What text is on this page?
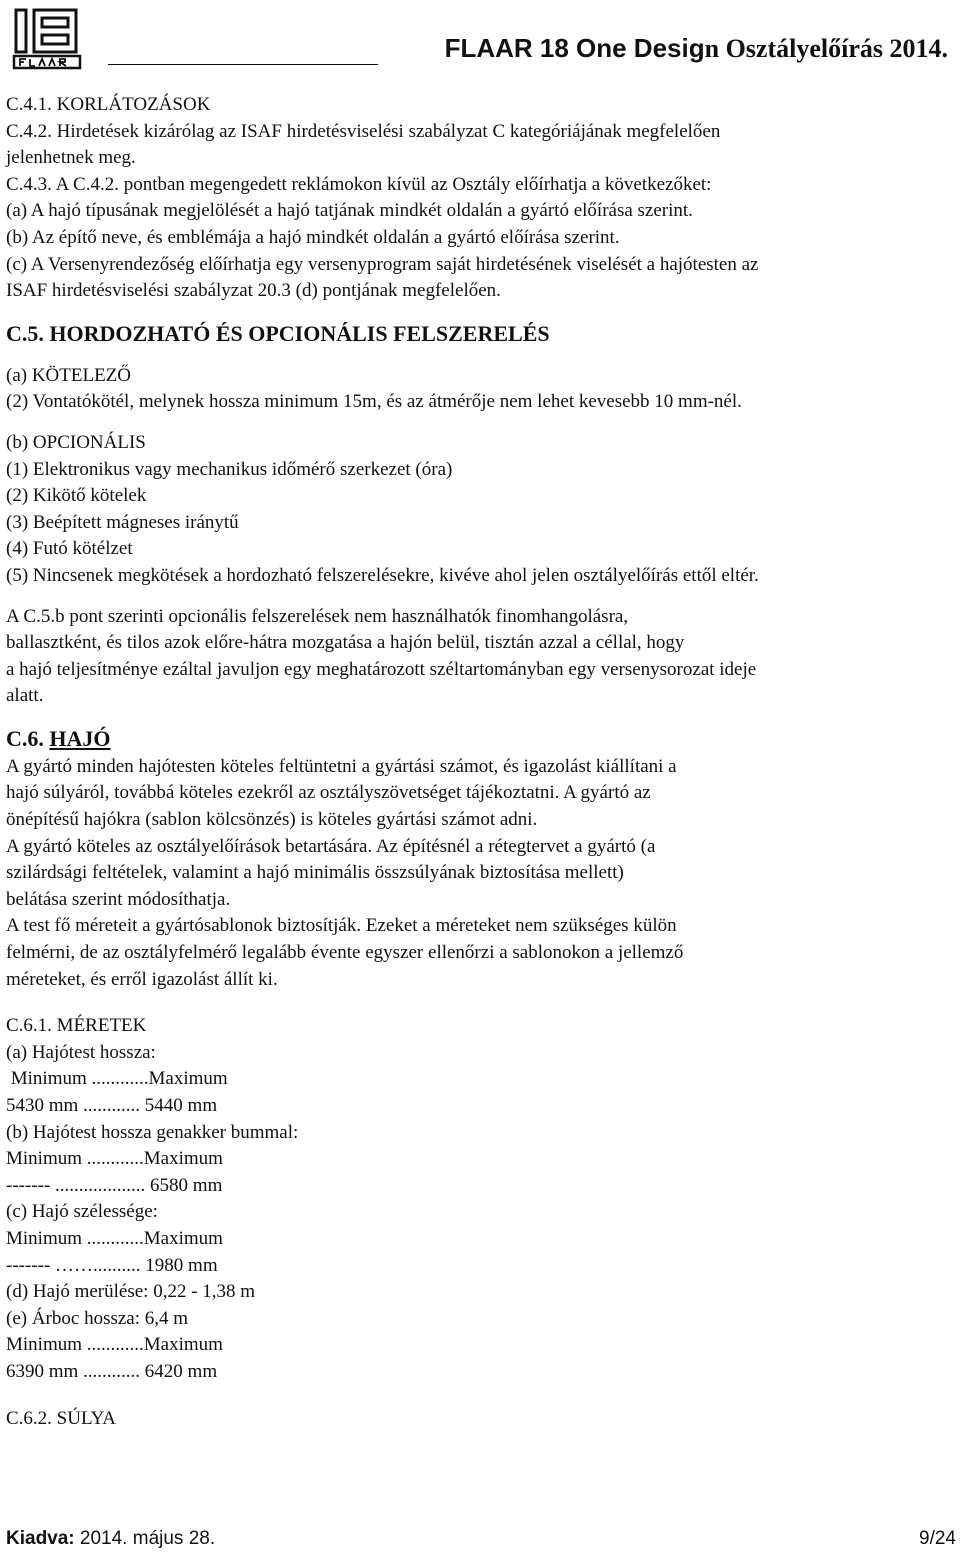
FLAAR 18 One Design Osztályelőírás 2014.
C.4.1. KORLÁTOZÁSOK
C.4.2. Hirdetések kizárólag az ISAF hirdetésviselési szabályzat C kategóriájának megfelelően
jelenhetnek meg.
C.4.3. A C.4.2. pontban megengedett reklámokon kívül az Osztály előírhatja a következőket:
(a) A hajó típusának megjelölését a hajó tatjának mindkét oldalán a gyártó előírása szerint.
(b) Az építő neve, és emblémája a hajó mindkét oldalán a gyártó előírása szerint.
(c) A Versenyrendezőség előírhatja egy versenyprogram saját hirdetésének viselését a hajótesten az
ISAF hirdetésviselési szabályzat 20.3 (d) pontjának megfelelően.
C.5. HORDOZHATÓ ÉS OPCIONÁLIS FELSZERELÉS
(a) KÖTELEZŐ
(2) Vontatókötél, melynek hossza minimum 15m, és az átmérője nem lehet kevesebb 10 mm-nél.
(b) OPCIONÁLIS
(1) Elektronikus vagy mechanikus időmérő szerkezet (óra)
(2) Kikötő kötelek
(3) Beépített mágneses iránytű
(4) Futó kötélzet
(5) Nincsenek megkötések a hordozható felszerelésekre, kivéve ahol jelen osztályelőírás ettől eltér.
A C.5.b pont szerinti opcionális felszerelések nem használhatók finomhangolásra,
ballasztként, és tilos azok előre-hátra mozgatása a hajón belül, tisztán azzal a céllal, hogy
a hajó teljesítménye ezáltal javuljon egy meghatározott széltartományban egy versenysorozat ideje
alatt.
C.6. HAJÓ
A gyártó minden hajótesten köteles feltüntetni a gyártási számot, és igazolást kiállítani a
hajó súlyáról, továbbá köteles ezekről az osztályszövetséget tájékoztatni. A gyártó az
önépítésű hajókra (sablon kölcsönzés) is köteles gyártási számot adni.
A gyártó köteles az osztályelőírások betartására. Az építésnél a rétegtervet a gyártó (a
szilárdsági feltételek, valamint a hajó minimális összsúlyának biztosítása mellett)
belátása szerint módosíthatja.
A test fő méreteit a gyártósablonok biztosítják. Ezeket a méreteket nem szükséges külön
felmérni, de az osztályfelmérő legalább évente egyszer ellenőrzi a sablonokon a jellemző
méreteket, és erről igazolást állít ki.
C.6.1. MÉRETEK
(a) Hajótest hossza:
Minimum ............Maximum
5430 mm ............ 5440 mm
(b) Hajótest hossza genakker bummal:
Minimum ............Maximum
------- ................... 6580 mm
(c) Hajó szélessége:
Minimum ............Maximum
------- …….......... 1980 mm
(d) Hajó merülése: 0,22 - 1,38 m
(e) Árboc hossza: 6,4 m
Minimum ............Maximum
6390 mm ............ 6420 mm
C.6.2. SÚLYA
Kiadva: 2014. május 28.	9/24
